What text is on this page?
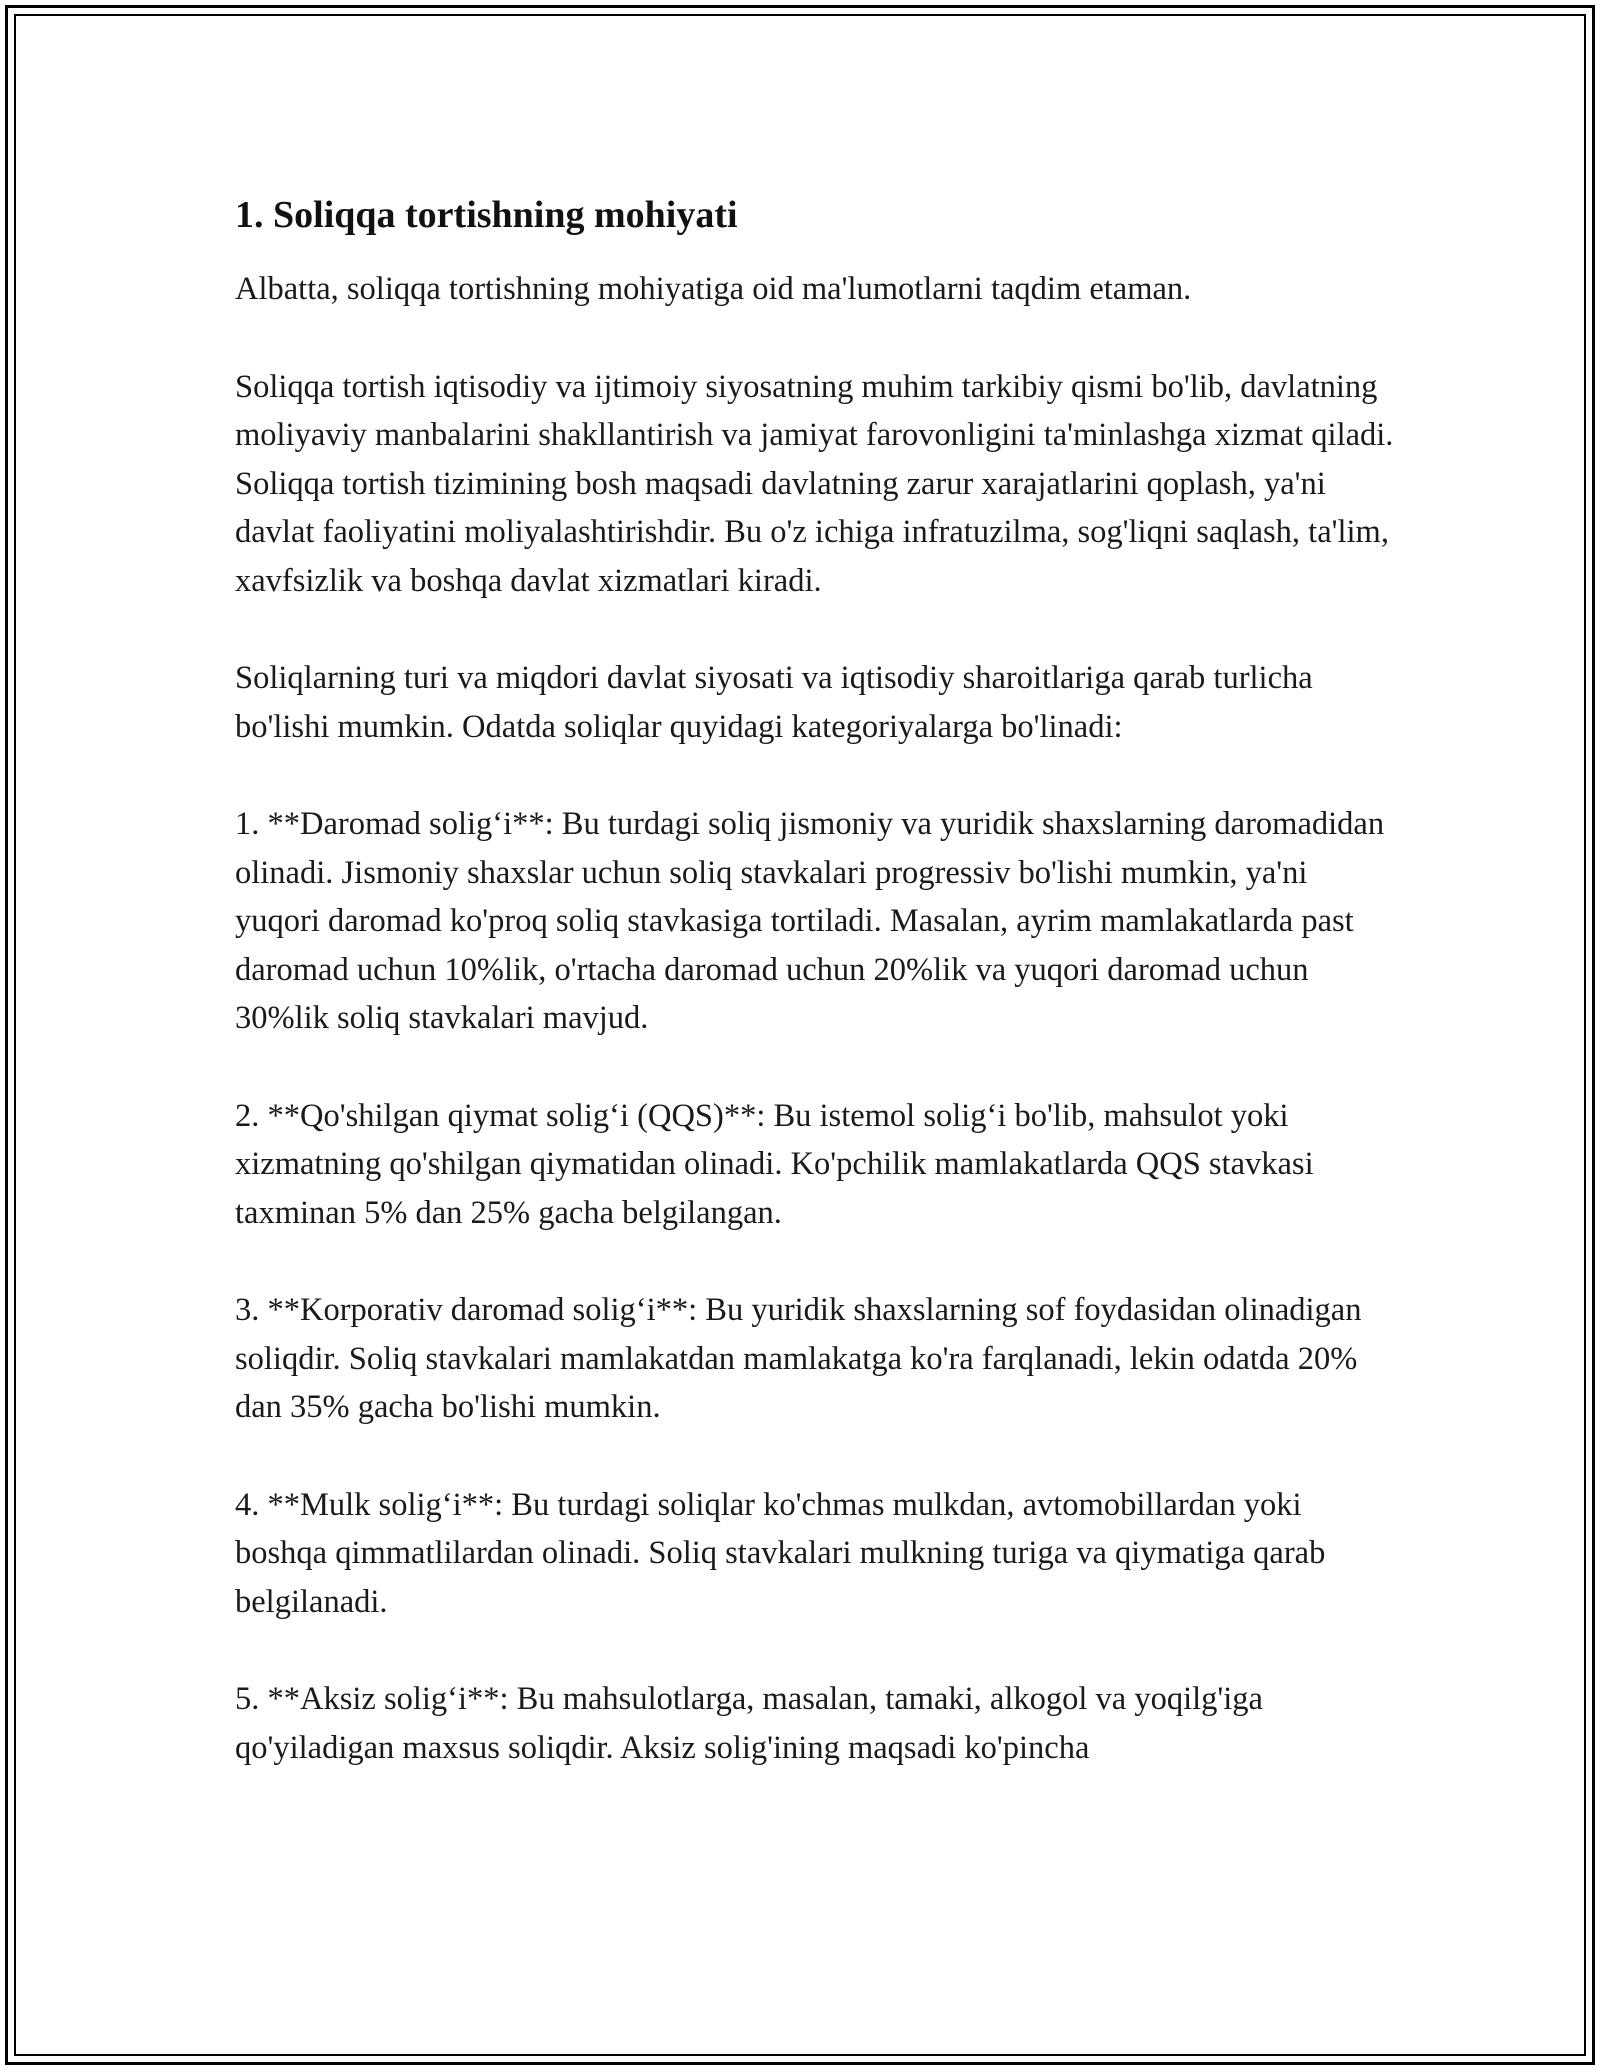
1. Soliqqa tortishning mohiyati

Albatta, soliqqa tortishning mohiyatiga oid ma'lumotlarni taqdim etaman.

Soliqqa tortish iqtisodiy va ijtimoiy siyosatning muhim tarkibiy qismi bo'lib, davlatning moliyaviy manbalarini shakllantirish va jamiyat farovonligini ta'minlashga xizmat qiladi. Soliqqa tortish tizimining bosh maqsadi davlatning zarur xarajatlarini qoplash, ya'ni davlat faoliyatini moliyalashtirishdir. Bu o'z ichiga infratuzilma, sog'liqni saqlash, ta'lim, xavfsizlik va boshqa davlat xizmatlari kiradi.

Soliqlarning turi va miqdori davlat siyosati va iqtisodiy sharoitlariga qarab turlicha bo'lishi mumkin. Odatda soliqlar quyidagi kategoriyalarga bo'linadi:

1. **Daromad solig‘i**: Bu turdagi soliq jismoniy va yuridik shaxslarning daromadidan olinadi. Jismoniy shaxslar uchun soliq stavkalari progressiv bo'lishi mumkin, ya'ni yuqori daromad ko'proq soliq stavkasiga tortiladi. Masalan, ayrim mamlakatlarda past daromad uchun 10%lik, o'rtacha daromad uchun 20%lik va yuqori daromad uchun 30%lik soliq stavkalari mavjud.

2. **Qo'shilgan qiymat solig‘i (QQS)**: Bu istemol solig‘i bo'lib, mahsulot yoki xizmatning qo'shilgan qiymatidan olinadi. Ko'pchilik mamlakatlarda QQS stavkasi taxminan 5% dan 25% gacha belgilangan.

3. **Korporativ daromad solig‘i**: Bu yuridik shaxslarning sof foydasidan olinadigan soliqdir. Soliq stavkalari mamlakatdan mamlakatga ko'ra farqlanadi, lekin odatda 20% dan 35% gacha bo'lishi mumkin.

4. **Mulk solig‘i**: Bu turdagi soliqlar ko'chmas mulkdan, avtomobillardan yoki boshqa qimmatlilardan olinadi. Soliq stavkalari mulkning turiga va qiymatiga qarab belgilanadi.

5. **Aksiz solig‘i**: Bu mahsulotlarga, masalan, tamaki, alkogol va yoqilg'iga qo'yiladigan maxsus soliqdir. Aksiz solig'ining maqsadi ko'pincha
